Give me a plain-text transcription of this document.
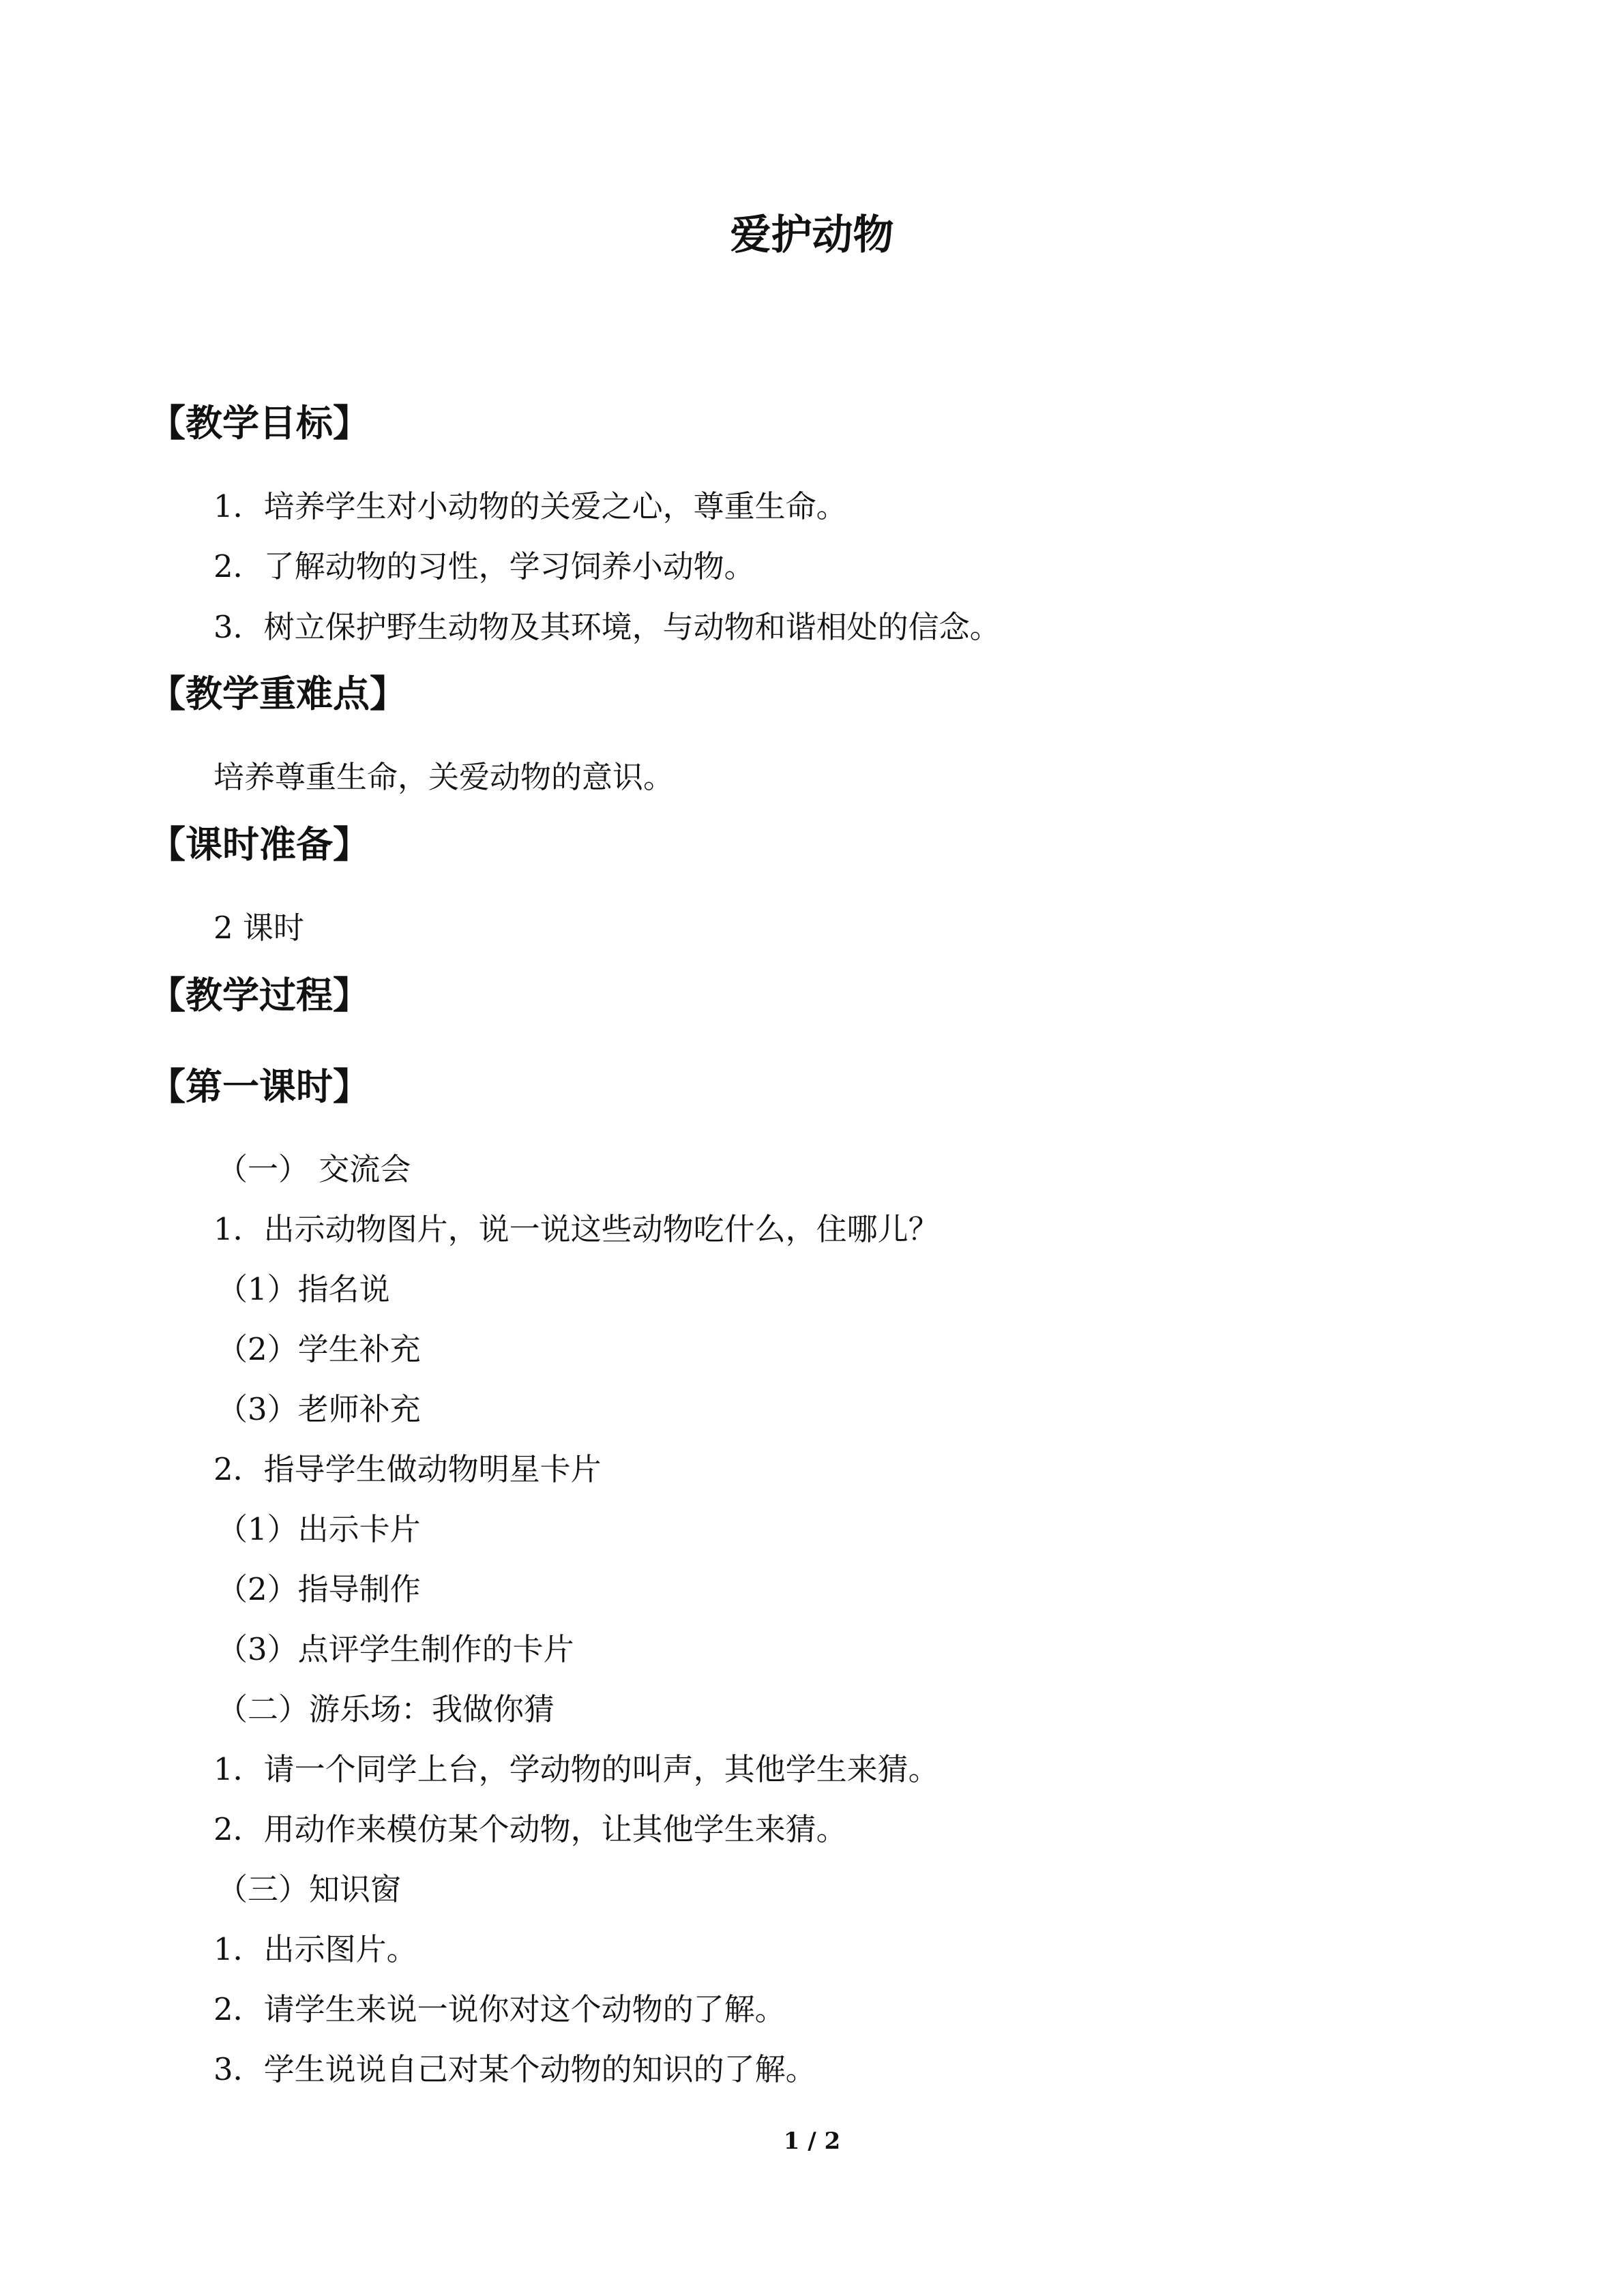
爱护动物
【教学目标】

1．培养学生对小动物的关爱之心，尊重生命。

2．了解动物的习性，学习饲养小动物。

3．树立保护野生动物及其环境，与动物和谐相处的信念。

【教学重难点】

培养尊重生命，关爱动物的意识。

【课时准备】

2 课时

【教学过程】
【第一课时】

（一） 交流会

1．出示动物图片，说一说这些动物吃什么，住哪儿？

（1）指名说

（2）学生补充

（3）老师补充

2．指导学生做动物明星卡片

（1）出示卡片

（2）指导制作

（3）点评学生制作的卡片

（二）游乐场：我做你猜

1．请一个同学上台，学动物的叫声，其他学生来猜。

2．用动作来模仿某个动物，让其他学生来猜。

（三）知识窗

1．出示图片。

2．请学生来说一说你对这个动物的了解。

3．学生说说自己对某个动物的知识的了解。

1 / 2
